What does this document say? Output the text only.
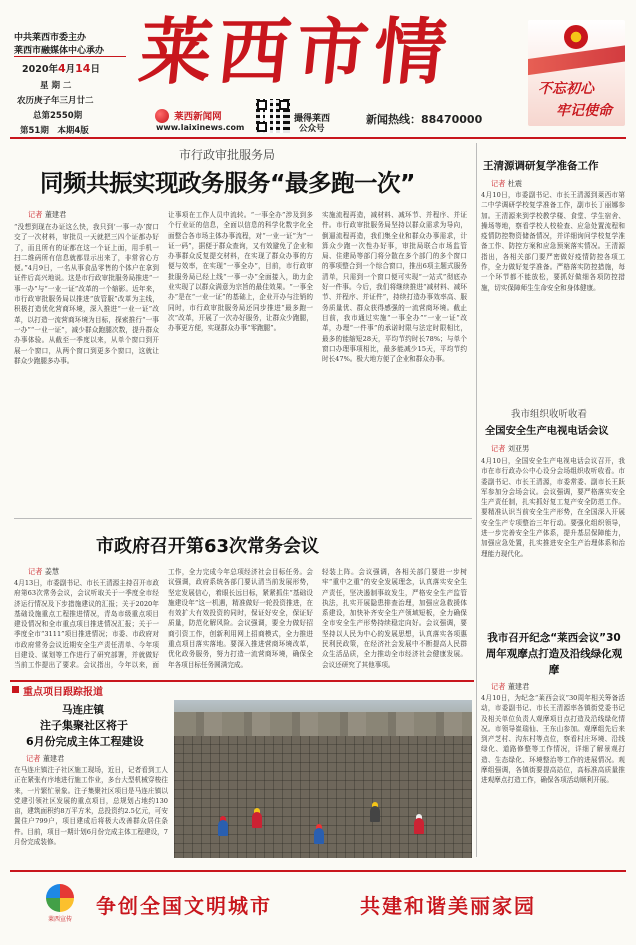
中共莱西市委主办
莱西市融媒体中心承办
2020年4月14日
星 期 二
农历庚子年三月廿二
总第2550期
第51期　本期4版
莱西市情
莱西新闻网
www.laixinews.com
撮得莱西
公众号
新闻热线：88470000
不忘初心
牢记使命
市行政审批服务局
同频共振实现政务服务“最多跑一次”
记者 董建君
“没想到现在办证这么快，我只到‘一事一办’窗口交了一次材料，审批员一天就把三四个证都办好了，而且所有的证都在这一个证上面，用手机一扫二维码所有信息就都显示出来了，非常省心方便。”4月9日，一名从事食品零售的个体户在拿到证件后高兴地说。这是市行政审批服务局推进“一事一办”与“一业一证”改革的一个缩影。近年来，市行政审批服务局以推进“放管服”改革为主线，积极打造优化营商环境，深入推进“一业一证”改革，以打造一流营商环境为目标，探索推行“一事一办”“一业一证”，减少群众跑腿次数，提升群众办事体验。从截至一季度以来，从单个窗口到开展一个窗口，从两个窗口到更多个窗口，这就让群众少跑腿多办事。
让事项在工作人员中流转。“一事全办”涉及到多个行业证的信息，全面以信息的科学化数字化全面整合各市场主体办事流程，对“一业一证”为“一证一码”，据便于群众查询，又有效避免了企业和办事群众反复提交材料，在实现了群众办事的方便与效率，在实现“一事全办”，目前，市行政审批服务局已经上线“一事一办”全面接入，助力企业实现了以群众满意为宗旨的最佳效果。“一事全办”是在“一业一证”的基础上，企业开办与注销的同时，市行政审批服务局还同步推进“最多跑一次”改革，开展了一次办好服务，让群众少跑腿，办事更方便，实现群众办事“零跑腿”。
实施流程再造，减材料、减环节、并程序、并证件。市行政审批服务局坚持以群众需求为导向，倒逼流程再造，我们集全业和群众办事需求，计算众少跑一次性办好事，审批局联合市场监管局、住建局等部门将分散在多个部门的多个窗口的事项整合到一个综合窗口，推出6项主题式服务清单，只需到一个窗口便可实现“一站式”彻底办好一件事。今后，我们将继续推进“减材料、减环节、并程序、并证件”，持续打造办事效率高、服务质量优、群众获得感强的一流营商环境。截止目前，我市通过实施“一事全办”“一业一证”改革，办理“一件事”的承诺时限与法定时限相比，最多的能缩短28天，平均节约时长78%；与单个窗口办理事项相比，最多能减少15天，平均节约时长47%。极大地方便了企业和群众办事。
王清源调研复学准备工作
记者 杜震
4月10日，市委副书记、市长王清源到莱西市第二中学调研学校复学准备工作，副市长丁丽娜参加。王清源来到学校教学楼、食堂、学生宿舍、操场等地，察看学校人校检查、应急处置流程和疫情防控物资储备情况，并详细询问学校复学准备工作、防控方案和应急预案落实情况。王清源指出，各相关部门要严密做好疫情防控各项工作，全力做好复学准备。严格落实防控措施，每一个环节都不能放松，要抓好做细各项防控措施，切实保障师生生命安全和身体健康。
我市组织收听收看
全国安全生产电视电话会议
记者 刘亚男
4月10日，全国安全生产电视电话会议召开，我市在市行政办公中心设分会场组织收听收看。市委副书记、市长王清源，市委常委、副市长王跃军参加分会场会议。会议强调，要严格落实安全生产责任制，扎实抓好复工复产安全防范工作。要精准认识当前安全生产形势，在全国深入开展安全生产专项整治三年行动。要强化组织领导，进一步完善安全生产体系，提升基层保障能力，加强应急处置，扎实推进安全生产治理体系和治理能力现代化。
我市召开纪念“莱西会议”30周年观摩点打造及沿线绿化观摩
记者 董建君
4月10日，为纪念“莱西会议”30周年相关筹备活动，市委副书记、市长王清源率各镇街党委书记及相关单位负责人观摩项目点打造及沿线绿化情况。市领导崔瑞仙、王东山参加。观摩组先后来到产芝村、沟东村等点位，察看村庄环境、沿线绿化、道路修整等工作情况，详细了解景观打造、生态绿化、环境整治等工作的进展情况。观摩组强调，各镇街要提高站位，高标准高质量推进观摩点打造工作，确保各项活动顺利开展。
市政府召开第63次常务会议
记者 姜慧
4月13日，市委副书记、市长王清源主持召开市政府第63次常务会议，会议听取关于一季度全市经济运行情况及下步措施建议的汇报；关于2020年基础设施重点工程推进情况，青岛市级重点项目建设情况和全市重点项目推进情况汇报；关于一季度全市“3111”项目推进情况；市委、市政府对市政府常务会议近期安全生产责任清单、今年项目建设、谋划等工作进行了研究部署，并就做好当前工作提出了要求。会议指出，今年以来，面
工作，全力完成今年总项经济社会目标任务。会议强调，政府系统各部门要认清当前发展形势，坚定发展信心，着眼长远目标，紧紧抓住“基础设施建设年”这一机遇，精准做好一轮投资推进，在有效扩大有效投资的同时，保证好安全，保证好质量，防范化解风险。会议强调，要全力做好招商引资工作，创新利用网上招商模式，全力推进重点项目落实落地。要深入推进营商环境改革，优化政务服务，努力打造一流营商环境，确保全年各项目标任务圆满完成。
轻装上阵。会议强调，各相关部门要进一步树牢“重中之重”的安全发展理念，认真落实安全生产责任，坚决遏制事故发生，严格安全生产监管执法，扎实开展隐患排查治理，加强应急救援体系建设，加快补齐安全生产领域短板，全力确保全市安全生产形势持续稳定向好。会议强调，要坚持以人民为中心的发展思想，认真落实各项惠民利民政策，在经济社会发展中不断提高人民群众生活品质，全力推动全市经济社会健康发展。会议还研究了其他事项。
重点项目跟踪报道
马连庄镇
注子集聚社区将于
6月份完成主体工程建设
记者 董建君
在马连庄镇注子社区施工现场，近日，记者看到工人正在紧张有序地进行施工作业，多台大型机械穿梭往来，一片繁忙景象。注子集聚社区项目是马连庄镇以党建引领社区发展的重点项目，总规划占地约130亩，建筑面积约8万平方米，总投资约2.5亿元，可安置住户799户，项目建成后将极大改善群众居住条件。目前，项目一期计划6月份完成主体工程建设，7月份完成装修。
莱西宣传
争创全国文明城市	共建和谐美丽家园
